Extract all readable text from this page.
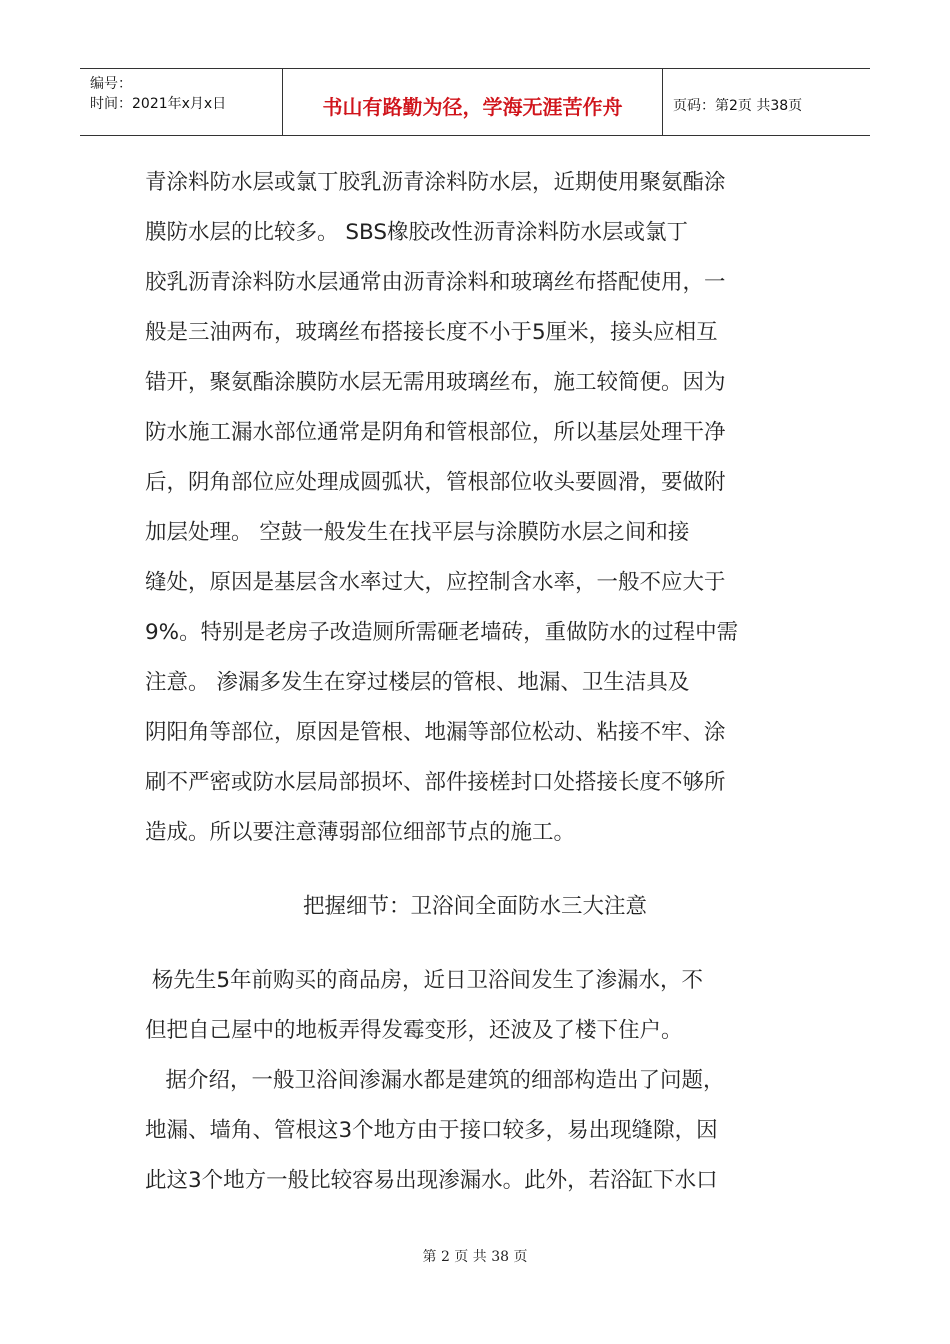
编号：
时间：2021年x月x日	书山有路勤为径，学海无涯苦作舟	页码：第2页 共38页
青涂料防水层或氯丁胶乳沥青涂料防水层，近期使用聚氨酯涂
膜防水层的比较多。 SBS橡胶改性沥青涂料防水层或氯丁
胶乳沥青涂料防水层通常由沥青涂料和玻璃丝布搭配使用，一
般是三油两布，玻璃丝布搭接长度不小于5厘米，接头应相互
错开，聚氨酯涂膜防水层无需用玻璃丝布，施工较简便。因为
防水施工漏水部位通常是阴角和管根部位，所以基层处理干净
后，阴角部位应处理成圆弧状，管根部位收头要圆滑，要做附
加层处理。 空鼓一般发生在找平层与涂膜防水层之间和接
缝处，原因是基层含水率过大，应控制含水率，一般不应大于
9%。特别是老房子改造厕所需砸老墙砖，重做防水的过程中需
注意。 渗漏多发生在穿过楼层的管根、地漏、卫生洁具及
阴阳角等部位，原因是管根、地漏等部位松动、粘接不牢、涂
刷不严密或防水层局部损坏、部件接槎封口处搭接长度不够所
造成。所以要注意薄弱部位细部节点的施工。
把握细节：卫浴间全面防水三大注意
杨先生5年前购买的商品房，近日卫浴间发生了渗漏水，不
但把自己屋中的地板弄得发霉变形，还波及了楼下住户。
据介绍，一般卫浴间渗漏水都是建筑的细部构造出了问题，
地漏、墙角、管根这3个地方由于接口较多，易出现缝隙，因
此这3个地方一般比较容易出现渗漏水。此外，若浴缸下水口
第 2 页 共 38 页
